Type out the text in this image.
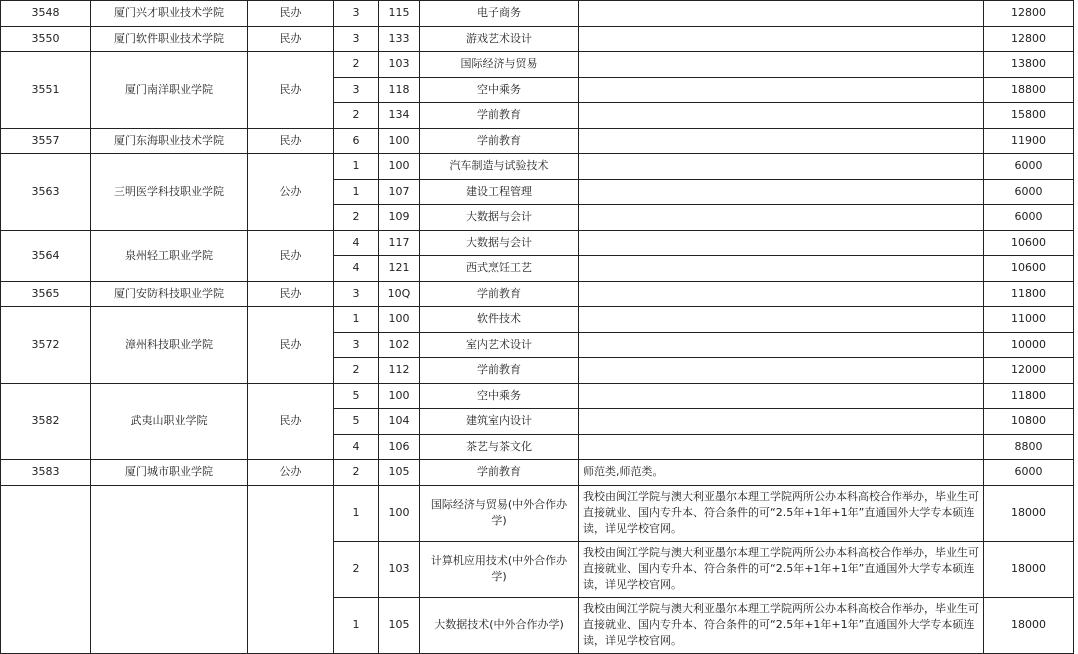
3548	厦门兴才职业技术学院	民办	3	115	电子商务		12800
3550	厦门软件职业技术学院	民办	3	133	游戏艺术设计		12800
3551	厦门南洋职业学院	民办	2	103	国际经济与贸易		13800
			3	118	空中乘务		18800
			2	134	学前教育		15800
3557	厦门东海职业技术学院	民办	6	100	学前教育		11900
3563	三明医学科技职业学院	公办	1	100	汽车制造与试验技术		6000
			1	107	建设工程管理		6000
			2	109	大数据与会计		6000
3564	泉州轻工职业学院	民办	4	117	大数据与会计		10600
			4	121	西式烹饪工艺		10600
3565	厦门安防科技职业学院	民办	3	10Q	学前教育		11800
3572	漳州科技职业学院	民办	1	100	软件技术		11000
			3	102	室内艺术设计		10000
			2	112	学前教育		12000
3582	武夷山职业学院	民办	5	100	空中乘务		11800
			5	104	建筑室内设计		10800
			4	106	茶艺与茶文化		8800
3583	厦门城市职业学院	公办	2	105	学前教育	师范类,师范类。	6000
			1	100	国际经济与贸易(中外合作办学)	我校由闽江学院与澳大利亚墨尔本理工学院两所公办本科高校合作举办，毕业生可直接就业、国内专升本、符合条件的可“2.5年+1年+1年”直通国外大学专本硕连读，详见学校官网。	18000
			2	103	计算机应用技术(中外合作办学)	我校由闽江学院与澳大利亚墨尔本理工学院两所公办本科高校合作举办，毕业生可直接就业、国内专升本、符合条件的可“2.5年+1年+1年”直通国外大学专本硕连读，详见学校官网。	18000
			1	105	大数据技术(中外合作办学)	我校由闽江学院与澳大利亚墨尔本理工学院两所公办本科高校合作举办，毕业生可直接就业、国内专升本、符合条件的可“2.5年+1年+1年”直通国外大学专本硕连读，详见学校官网。	18000
